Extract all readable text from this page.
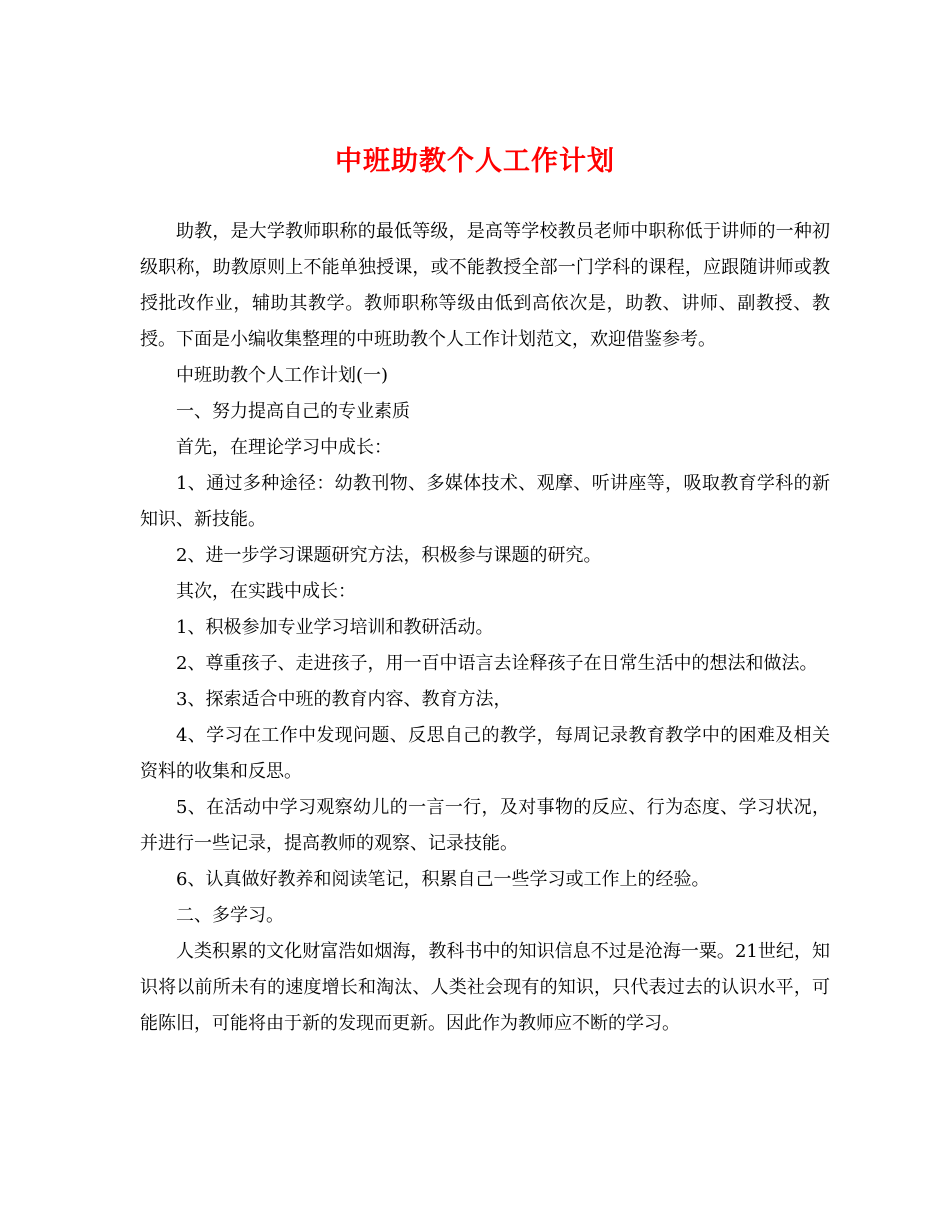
中班助教个人工作计划

助教，是大学教师职称的最低等级，是高等学校教员老师中职称低于讲师的一种初级职称，助教原则上不能单独授课，或不能教授全部一门学科的课程，应跟随讲师或教授批改作业，辅助其教学。教师职称等级由低到高依次是，助教、讲师、副教授、教授。下面是小编收集整理的中班助教个人工作计划范文，欢迎借鉴参考。

中班助教个人工作计划(一)

一、努力提高自己的专业素质

首先，在理论学习中成长：

1、通过多种途径：幼教刊物、多媒体技术、观摩、听讲座等，吸取教育学科的新知识、新技能。

2、进一步学习课题研究方法，积极参与课题的研究。

其次，在实践中成长：

1、积极参加专业学习培训和教研活动。

2、尊重孩子、走进孩子，用一百中语言去诠释孩子在日常生活中的想法和做法。

3、探索适合中班的教育内容、教育方法，

4、学习在工作中发现问题、反思自己的教学，每周记录教育教学中的困难及相关资料的收集和反思。

5、在活动中学习观察幼儿的一言一行，及对事物的反应、行为态度、学习状况，并进行一些记录，提高教师的观察、记录技能。

6、认真做好教养和阅读笔记，积累自己一些学习或工作上的经验。

二、多学习。

人类积累的文化财富浩如烟海，教科书中的知识信息不过是沧海一粟。21世纪，知识将以前所未有的速度增长和淘汰、人类社会现有的知识，只代表过去的认识水平，可能陈旧，可能将由于新的发现而更新。因此作为教师应不断的学习。
